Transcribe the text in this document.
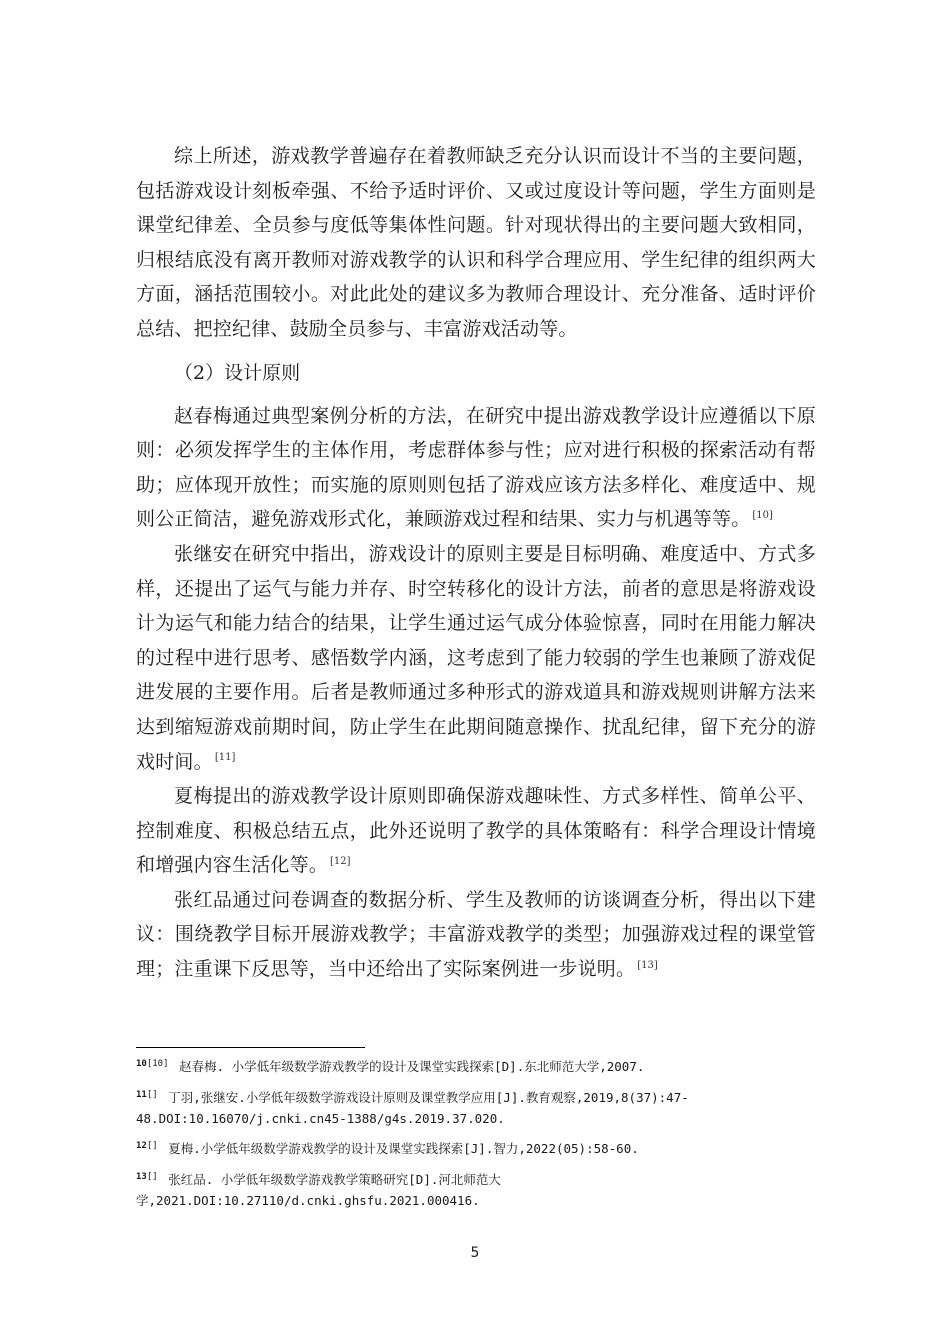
综上所述，游戏教学普遍存在着教师缺乏充分认识而设计不当的主要问题，包括游戏设计刻板牵强、不给予适时评价、又或过度设计等问题，学生方面则是课堂纪律差、全员参与度低等集体性问题。针对现状得出的主要问题大致相同，归根结底没有离开教师对游戏教学的认识和科学合理应用、学生纪律的组织两大方面，涵括范围较小。对此此处的建议多为教师合理设计、充分准备、适时评价总结、把控纪律、鼓励全员参与、丰富游戏活动等。

（2）设计原则

赵春梅通过典型案例分析的方法，在研究中提出游戏教学设计应遵循以下原则：必须发挥学生的主体作用，考虑群体参与性；应对进行积极的探索活动有帮助；应体现开放性；而实施的原则则包括了游戏应该方法多样化、难度适中、规则公正简洁，避免游戏形式化，兼顾游戏过程和结果、实力与机遇等等。 [10]

张继安在研究中指出，游戏设计的原则主要是目标明确、难度适中、方式多样，还提出了运气与能力并存、时空转移化的设计方法，前者的意思是将游戏设计为运气和能力结合的结果，让学生通过运气成分体验惊喜，同时在用能力解决的过程中进行思考、感悟数学内涵，这考虑到了能力较弱的学生也兼顾了游戏促进发展的主要作用。后者是教师通过多种形式的游戏道具和游戏规则讲解方法来达到缩短游戏前期时间，防止学生在此期间随意操作、扰乱纪律，留下充分的游戏时间。 [11]

夏梅提出的游戏教学设计原则即确保游戏趣味性、方式多样性、简单公平、控制难度、积极总结五点，此外还说明了教学的具体策略有：科学合理设计情境和增强内容生活化等。 [12]

张红品通过问卷调查的数据分析、学生及教师的访谈调查分析，得出以下建议：围绕教学目标开展游戏教学；丰富游戏教学的类型；加强游戏过程的课堂管理；注重课下反思等，当中还给出了实际案例进一步说明。 [13]

$^{10[10]}$ 赵春梅. 小学低年级数学游戏教学的设计及课堂实践探索[D].东北师范大学,2007.
$^{11[]}$ 丁羽,张继安.小学低年级数学游戏设计原则及课堂教学应用[J].教育观察,2019,8(37):47-48.DOI:10.16070/j.cnki.cn45-1388/g4s.2019.37.020.
$^{12[]}$ 夏梅.小学低年级数学游戏教学的设计及课堂实践探索[J].智力,2022(05):58-60.
$^{13[]}$ 张红品. 小学低年级数学游戏教学策略研究[D].河北师范大学,2021.DOI:10.27110/d.cnki.ghsfu.2021.000416.
5
